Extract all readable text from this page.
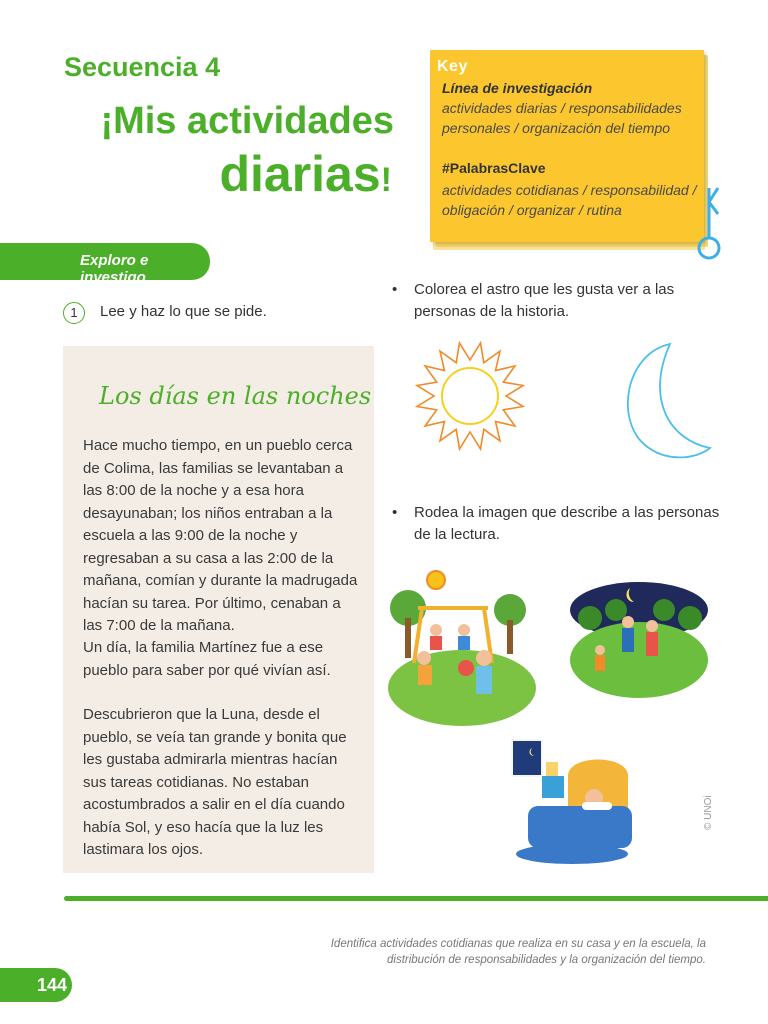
Secuencia 4
¡Mis actividades
diarias!
Key
Línea de investigación
actividades diarias / responsabilidades personales / organización del tiempo
#PalabrasClave
actividades cotidianas / responsabilidad / obligación / organizar / rutina
Exploro e investigo
1	Lee y haz lo que se pide.
Los días en las noches
Hace mucho tiempo, en un pueblo cerca de Colima, las familias se levantaban a las 8:00 de la noche y a esa hora desayunaban; los niños entraban a la escuela a las 9:00 de la noche y regresaban a su casa a las 2:00 de la mañana, comían y durante la madrugada hacían su tarea. Por último, cenaban a las 7:00 de la mañana.
Un día, la familia Martínez fue a ese pueblo para saber por qué vivían así.
Descubrieron que la Luna, desde el pueblo, se veía tan grande y bonita que les gustaba admirarla mientras hacían sus tareas cotidianas. No estaban acostumbrados a salir en el día cuando había Sol, y eso hacía que la luz les lastimara los ojos.
• Colorea el astro que les gusta ver a las personas de la historia.
• Rodea la imagen que describe a las personas de la lectura.
© UNOi
Identifica actividades cotidianas que realiza en su casa y en la escuela, la distribución de responsabilidades y la organización del tiempo.
144
